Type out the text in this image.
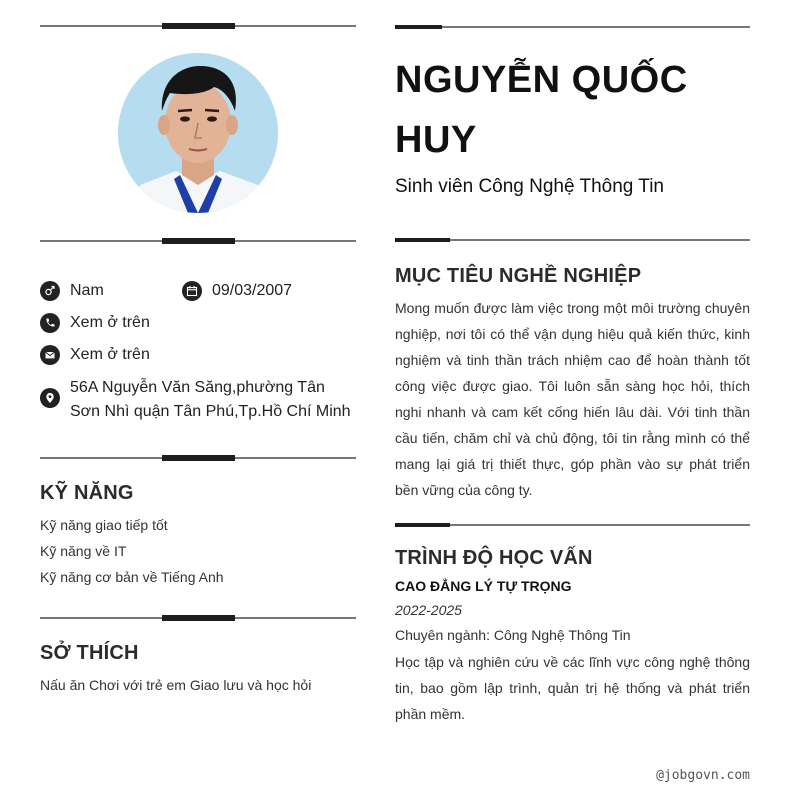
Nam	09/03/2007
Xem ở trên
Xem ở trên
56A Nguyễn Văn Săng,phường Tân Sơn Nhì quận Tân Phú,Tp.Hồ Chí Minh
KỸ NĂNG
Kỹ năng giao tiếp tốt
Kỹ năng về IT
Kỹ năng cơ bản về Tiếng Anh
SỞ THÍCH
Nấu ăn Chơi với trẻ em Giao lưu và học hỏi
NGUYỄN QUỐC HUY
Sinh viên Công Nghệ Thông Tin
MỤC TIÊU NGHỀ NGHIỆP
Mong muốn được làm việc trong một môi trường chuyên nghiệp, nơi tôi có thể vận dụng hiệu quả kiến thức, kinh nghiệm và tinh thần trách nhiệm cao để hoàn thành tốt công việc được giao. Tôi luôn sẵn sàng học hỏi, thích nghi nhanh và cam kết cống hiến lâu dài. Với tinh thần cầu tiến, chăm chỉ và chủ động, tôi tin rằng mình có thể mang lại giá trị thiết thực, góp phần vào sự phát triển bền vững của công ty.
TRÌNH ĐỘ HỌC VẤN
CAO ĐẲNG LÝ TỰ TRỌNG
2022-2025
Chuyên ngành: Công Nghệ Thông Tin
Học tập và nghiên cứu về các lĩnh vực công nghệ thông tin, bao gồm lập trình, quản trị hệ thống và phát triển phần mềm.
@jobgovn.com
